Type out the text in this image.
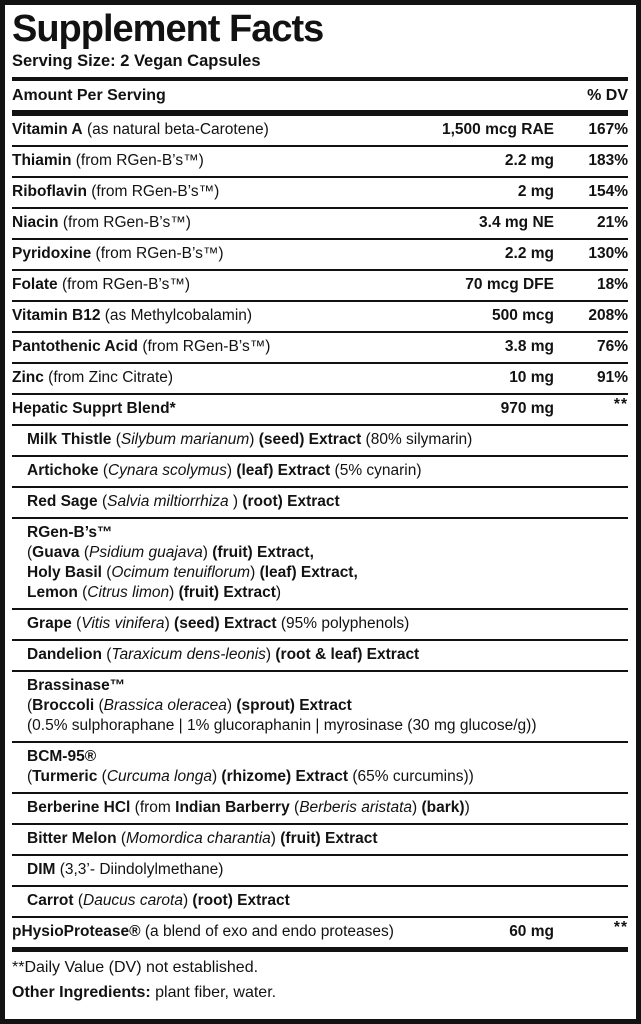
Supplement Facts
Serving Size: 2 Vegan Capsules
Amount Per Serving	% DV
Vitamin A (as natural beta-Carotene)	1,500 mcg RAE	167%
Thiamin (from RGen-B’s™)	2.2 mg	183%
Riboflavin (from RGen-B’s™)	2 mg	154%
Niacin (from RGen-B’s™)	3.4 mg NE	21%
Pyridoxine (from RGen-B’s™)	2.2 mg	130%
Folate (from RGen-B’s™)	70 mcg DFE	18%
Vitamin B12 (as Methylcobalamin)	500 mcg	208%
Pantothenic Acid (from RGen-B’s™)	3.8 mg	76%
Zinc (from Zinc Citrate)	10 mg	91%
Hepatic Supprt Blend*	970 mg	**
Milk Thistle (Silybum marianum) (seed) Extract (80% silymarin)
Artichoke (Cynara scolymus) (leaf) Extract (5% cynarin)
Red Sage (Salvia miltiorrhiza ) (root) Extract
RGen-B’s™
(Guava (Psidium guajava) (fruit) Extract,
Holy Basil (Ocimum tenuiflorum) (leaf) Extract,
Lemon (Citrus limon) (fruit) Extract)
Grape (Vitis vinifera) (seed) Extract (95% polyphenols)
Dandelion (Taraxicum dens-leonis) (root & leaf) Extract
Brassinase™
(Broccoli (Brassica oleracea) (sprout) Extract
(0.5% sulphoraphane | 1% glucoraphanin | myrosinase (30 mg glucose/g))
BCM-95®
(Turmeric (Curcuma longa) (rhizome) Extract (65% curcumins))
Berberine HCl (from Indian Barberry (Berberis aristata) (bark))
Bitter Melon (Momordica charantia) (fruit) Extract
DIM (3,3’- Diindolylmethane)
Carrot (Daucus carota) (root) Extract
pHysioProtease® (a blend of exo and endo proteases)	60 mg	**
**Daily Value (DV) not established.
Other Ingredients: plant fiber, water.
